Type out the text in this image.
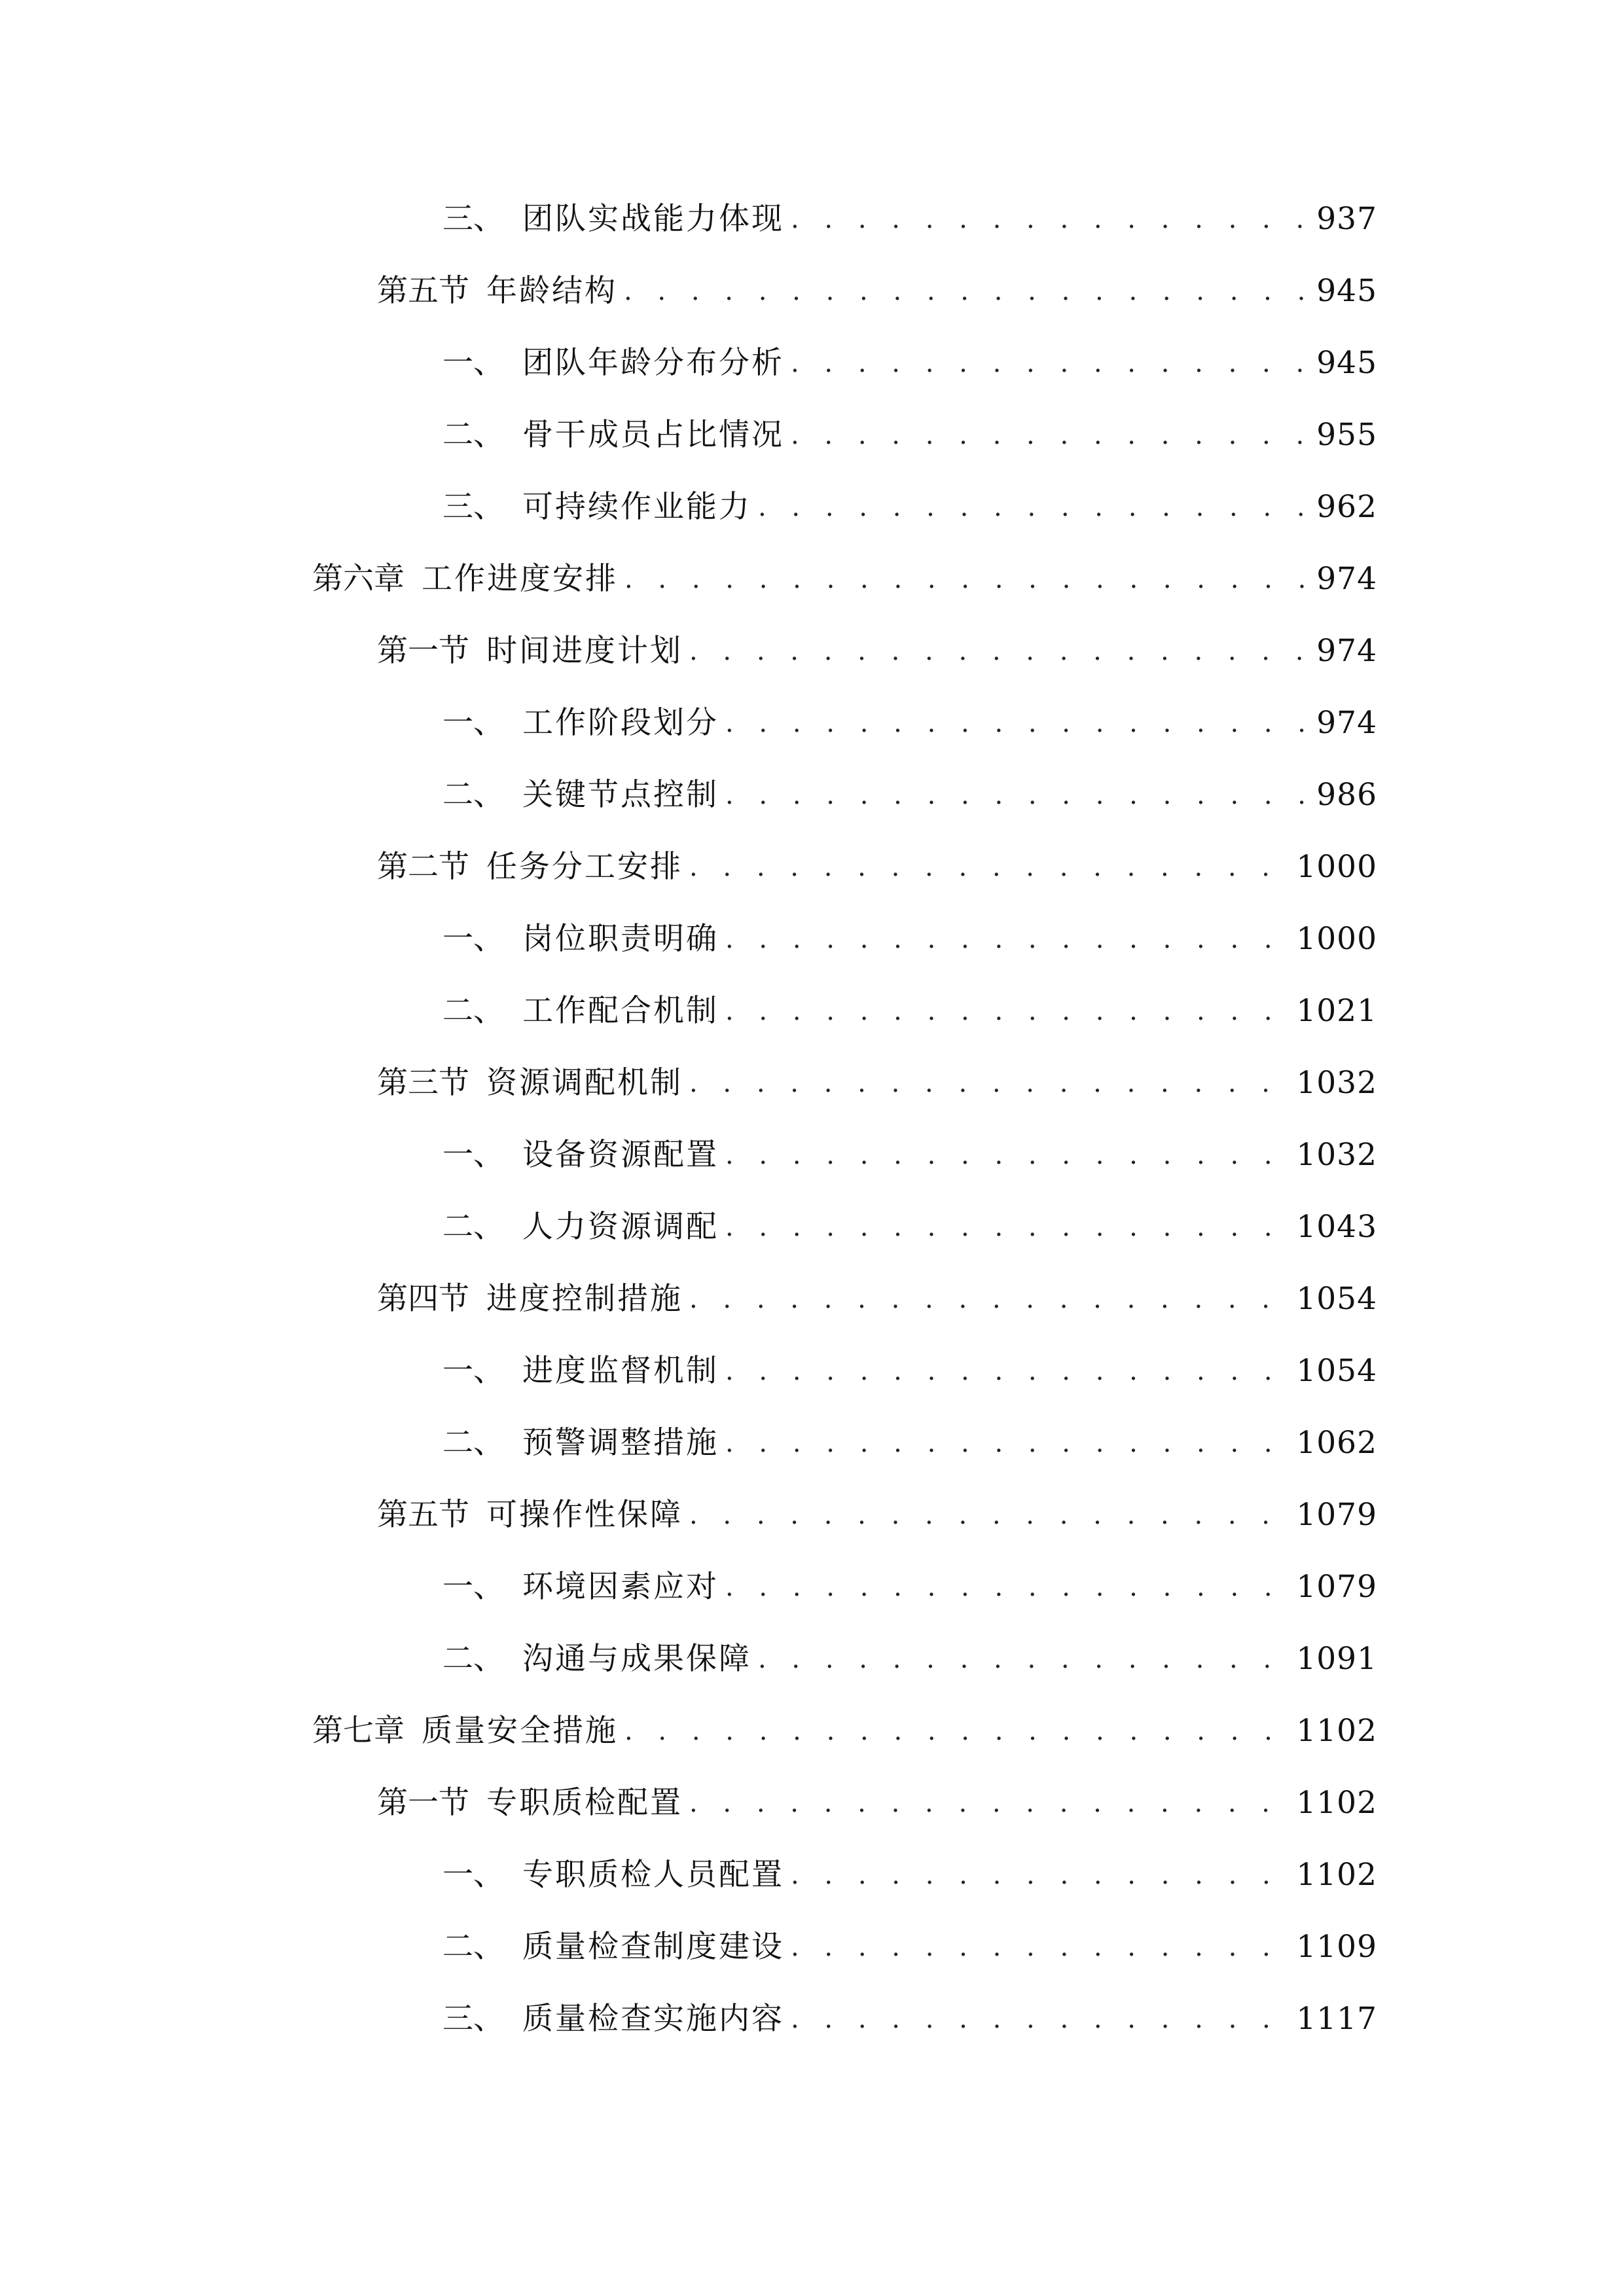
三、 团队实战能力体现 . . .	937
第五节 年龄结构 . . .	945
一、 团队年龄分布分析 . . .	945
二、 骨干成员占比情况 . . .	955
三、 可持续作业能力 . . .	962
第六章 工作进度安排 . . .	974
第一节 时间进度计划 . . .	974
一、 工作阶段划分 . . .	974
二、 关键节点控制 . . .	986
第二节 任务分工安排 . . .	1000
一、 岗位职责明确 . . .	1000
二、 工作配合机制 . . .	1021
第三节 资源调配机制 . . .	1032
一、 设备资源配置 . . .	1032
二、 人力资源调配 . . .	1043
第四节 进度控制措施 . . .	1054
一、 进度监督机制 . . .	1054
二、 预警调整措施 . . .	1062
第五节 可操作性保障 . . .	1079
一、 环境因素应对 . . .	1079
二、 沟通与成果保障 . . .	1091
第七章 质量安全措施 . . .	1102
第一节 专职质检配置 . . .	1102
一、 专职质检人员配置 . . .	1102
二、 质量检查制度建设 . . .	1109
三、 质量检查实施内容 . . .	1117
